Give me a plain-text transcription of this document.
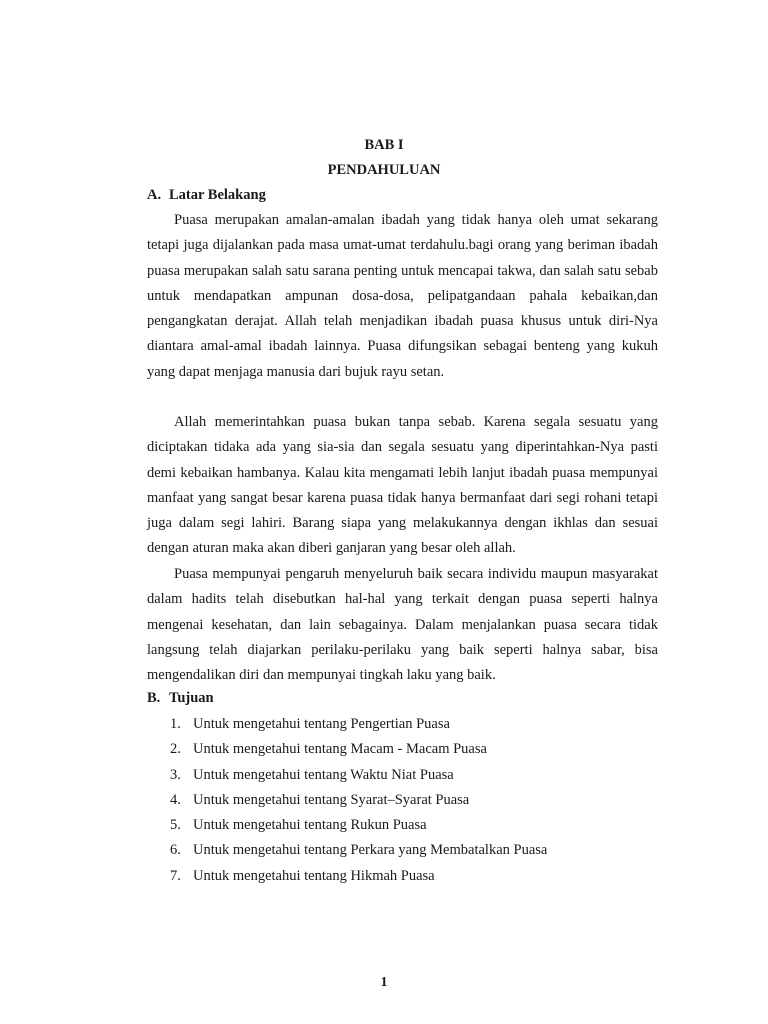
BAB I
PENDAHULUAN
A. Latar Belakang

Puasa merupakan amalan-amalan ibadah yang tidak hanya oleh umat sekarang tetapi juga dijalankan pada masa umat-umat terdahulu.bagi orang yang beriman ibadah puasa merupakan salah satu sarana penting untuk mencapai takwa, dan salah satu sebab untuk mendapatkan ampunan dosa-dosa, pelipatgandaan pahala kebaikan,dan pengangkatan derajat. Allah telah menjadikan ibadah puasa khusus untuk diri-Nya diantara amal-amal ibadah lainnya. Puasa difungsikan sebagai benteng yang kukuh yang dapat menjaga manusia dari bujuk rayu setan.

Allah memerintahkan puasa bukan tanpa sebab. Karena segala sesuatu yang diciptakan tidaka ada yang sia-sia dan segala sesuatu yang diperintahkan-Nya pasti demi kebaikan hambanya. Kalau kita mengamati lebih lanjut ibadah puasa mempunyai manfaat yang sangat besar karena puasa tidak hanya bermanfaat dari segi rohani tetapi juga dalam segi lahiri. Barang siapa yang melakukannya dengan ikhlas dan sesuai dengan aturan maka akan diberi ganjaran yang besar oleh allah.

Puasa mempunyai pengaruh menyeluruh baik secara individu maupun masyarakat dalam hadits telah disebutkan hal-hal yang terkait dengan puasa seperti halnya mengenai kesehatan, dan lain sebagainya. Dalam menjalankan puasa secara tidak langsung telah diajarkan perilaku-perilaku yang baik seperti halnya sabar, bisa mengendalikan diri dan mempunyai tingkah laku yang baik.

B. Tujuan
1. Untuk mengetahui tentang Pengertian Puasa
2. Untuk mengetahui tentang Macam - Macam Puasa
3. Untuk mengetahui tentang Waktu Niat Puasa
4. Untuk mengetahui tentang Syarat–Syarat Puasa
5. Untuk mengetahui tentang Rukun Puasa
6. Untuk mengetahui tentang Perkara yang Membatalkan Puasa
7. Untuk mengetahui tentang Hikmah Puasa
1
